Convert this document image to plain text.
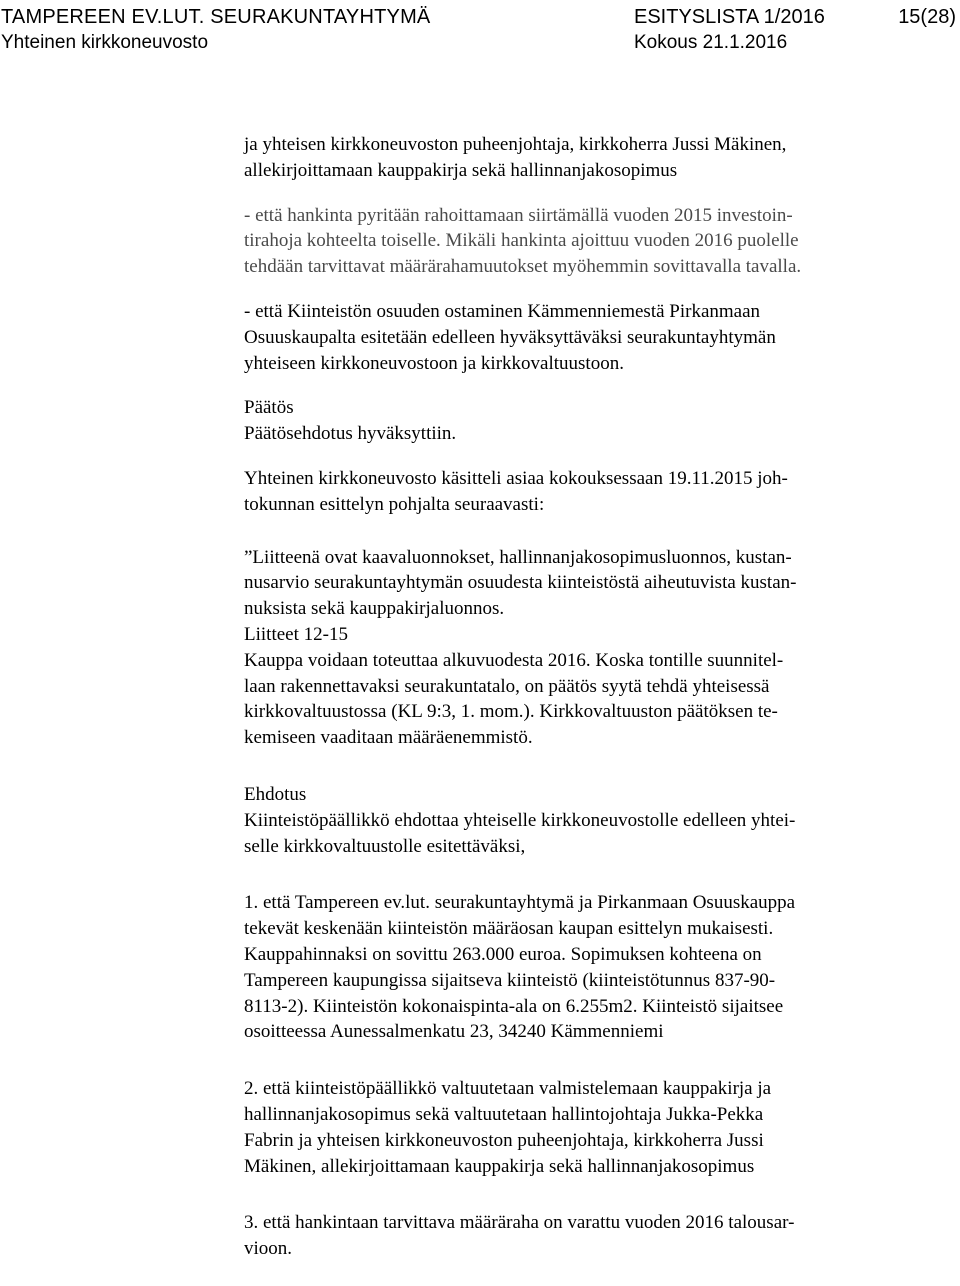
TAMPEREEN EV.LUT. SEURAKUNTAYHTYMÄ	ESITYSLISTA 1/2016	15(28)
Yhteinen kirkkoneuvosto	Kokous 21.1.2016

ja yhteisen kirkkoneuvoston puheenjohtaja, kirkkoherra Jussi Mäkinen,

allekirjoittamaan kauppakirja sekä hallinnanjakosopimus

- että hankinta pyritään rahoittamaan siirtämällä vuoden 2015 investoin-

tirahoja kohteelta toiselle. Mikäli hankinta ajoittuu vuoden 2016 puolelle

tehdään tarvittavat määrärahamuutokset myöhemmin sovittavalla tavalla.

- että Kiinteistön osuuden ostaminen Kämmenniemestä Pirkanmaan

Osuuskaupalta esitetään edelleen hyväksyttäväksi seurakuntayhtymän

yhteiseen kirkkoneuvostoon ja kirkkovaltuustoon.

Päätös

Päätösehdotus hyväksyttiin.

Yhteinen kirkkoneuvosto käsitteli asiaa kokouksessaan 19.11.2015 joh-

tokunnan esittelyn pohjalta seuraavasti:

”Liitteenä ovat kaavaluonnokset, hallinnanjakosopimusluonnos, kustan-

nusarvio seurakuntayhtymän osuudesta kiinteistöstä aiheutuvista kustan-

nuksista sekä kauppakirjaluonnos.

Liitteet 12-15

Kauppa voidaan toteuttaa alkuvuodesta 2016. Koska tontille suunnitel-

laan rakennettavaksi seurakuntatalo, on päätös syytä tehdä yhteisessä

kirkkovaltuustossa (KL 9:3, 1. mom.). Kirkkovaltuuston päätöksen te-

kemiseen vaaditaan määräenemmistö.

Ehdotus

Kiinteistöpäällikkö ehdottaa yhteiselle kirkkoneuvostolle edelleen yhtei-

selle kirkkovaltuustolle esitettäväksi,

1. että Tampereen ev.lut. seurakuntayhtymä ja Pirkanmaan Osuuskauppa

tekevät keskenään kiinteistön määräosan kaupan esittelyn mukaisesti.

Kauppahinnaksi on sovittu 263.000 euroa. Sopimuksen kohteena on

Tampereen kaupungissa sijaitseva kiinteistö (kiinteistötunnus 837-90-

8113-2). Kiinteistön kokonaispinta-ala on 6.255m2. Kiinteistö sijaitsee

osoitteessa Aunessalmenkatu 23, 34240 Kämmenniemi

2. että kiinteistöpäällikkö valtuutetaan valmistelemaan kauppakirja ja

hallinnanjakosopimus sekä valtuutetaan hallintojohtaja Jukka-Pekka

Fabrin ja yhteisen kirkkoneuvoston puheenjohtaja, kirkkoherra Jussi

Mäkinen, allekirjoittamaan kauppakirja sekä hallinnanjakosopimus

3. että hankintaan tarvittava määräraha on varattu vuoden 2016 talousar-

vioon.
